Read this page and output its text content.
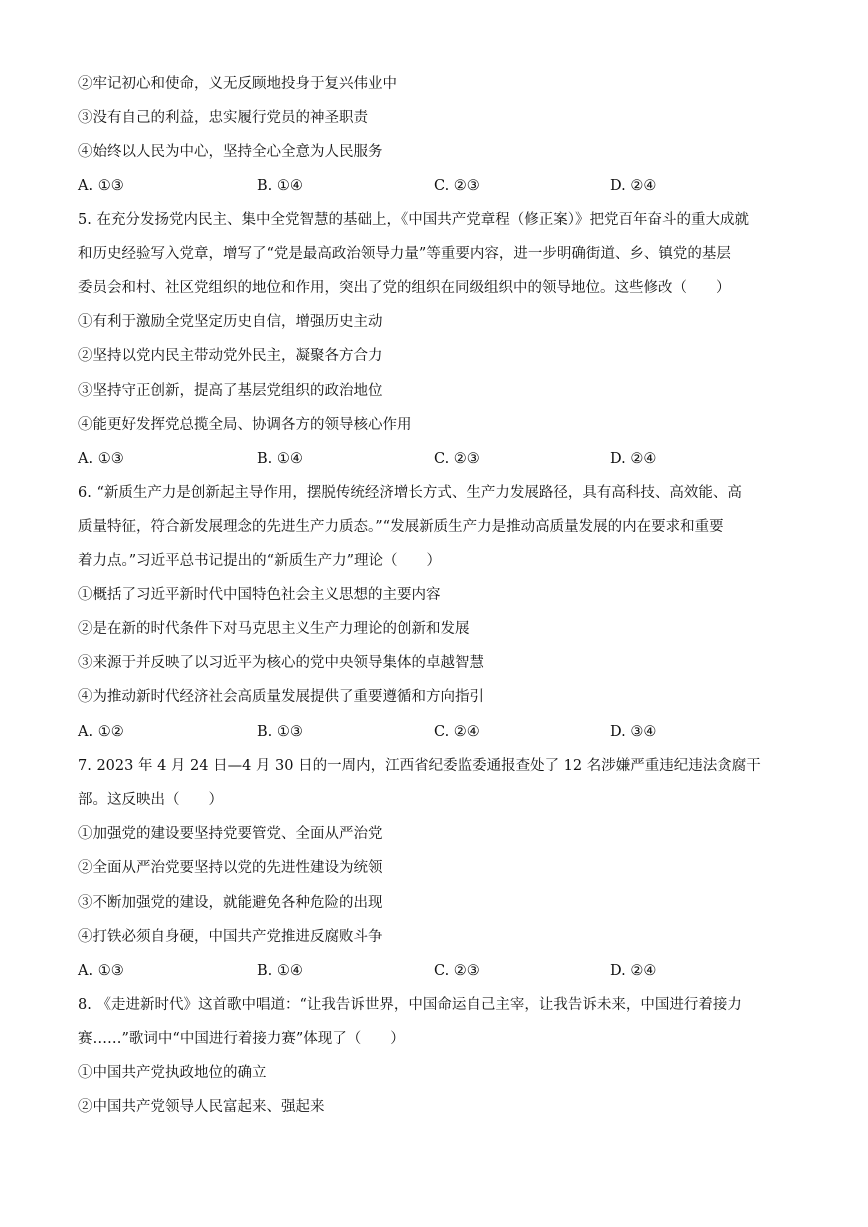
②牢记初心和使命，义无反顾地投身于复兴伟业中
③没有自己的利益，忠实履行党员的神圣职责
④始终以人民为中心，坚持全心全意为人民服务
A. ①③	B. ①④	C. ②③	D. ②④
5. 在充分发扬党内民主、集中全党智慧的基础上，《中国共产党章程（修正案）》把党百年奋斗的重大成就
和历史经验写入党章，增写了“党是最高政治领导力量”等重要内容，进一步明确街道、乡、镇党的基层
委员会和村、社区党组织的地位和作用，突出了党的组织在同级组织中的领导地位。这些修改（　　）
①有利于激励全党坚定历史自信，增强历史主动
②坚持以党内民主带动党外民主，凝聚各方合力
③坚持守正创新，提高了基层党组织的政治地位
④能更好发挥党总揽全局、协调各方的领导核心作用
A. ①③	B. ①④	C. ②③	D. ②④
6. “新质生产力是创新起主导作用，摆脱传统经济增长方式、生产力发展路径，具有高科技、高效能、高
质量特征，符合新发展理念的先进生产力质态。”“发展新质生产力是推动高质量发展的内在要求和重要
着力点。”习近平总书记提出的“新质生产力”理论（　　）
①概括了习近平新时代中国特色社会主义思想的主要内容
②是在新的时代条件下对马克思主义生产力理论的创新和发展
③来源于并反映了以习近平为核心的党中央领导集体的卓越智慧
④为推动新时代经济社会高质量发展提供了重要遵循和方向指引
A. ①②	B. ①③	C. ②④	D. ③④
7. 2023 年 4 月 24 日—4 月 30 日的一周内，江西省纪委监委通报查处了 12 名涉嫌严重违纪违法贪腐干
部。这反映出（　　）
①加强党的建设要坚持党要管党、全面从严治党
②全面从严治党要坚持以党的先进性建设为统领
③不断加强党的建设，就能避免各种危险的出现
④打铁必须自身硬，中国共产党推进反腐败斗争
A. ①③	B. ①④	C. ②③	D. ②④
8. 《走进新时代》这首歌中唱道：“让我告诉世界，中国命运自己主宰，让我告诉未来，中国进行着接力
赛……”歌词中“中国进行着接力赛”体现了（　　）
①中国共产党执政地位的确立
②中国共产党领导人民富起来、强起来
